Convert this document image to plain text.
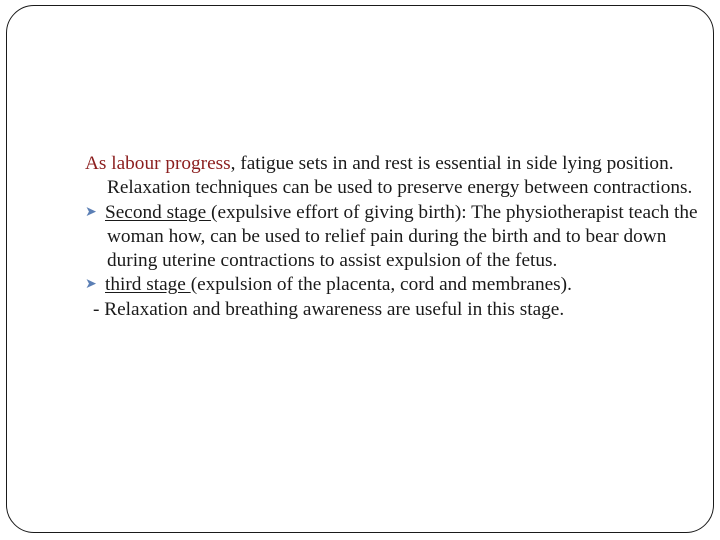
As labour progress, fatigue sets in and rest is essential in side lying position. Relaxation techniques can be used to preserve energy between contractions.

➤ Second stage (expulsive effort of giving birth): The physiotherapist teach the woman how, can be used to relief pain during the birth and to bear down during uterine contractions to assist expulsion of the fetus.

➤ third stage (expulsion of the placenta, cord and membranes).

- Relaxation and breathing awareness are useful in this stage.
